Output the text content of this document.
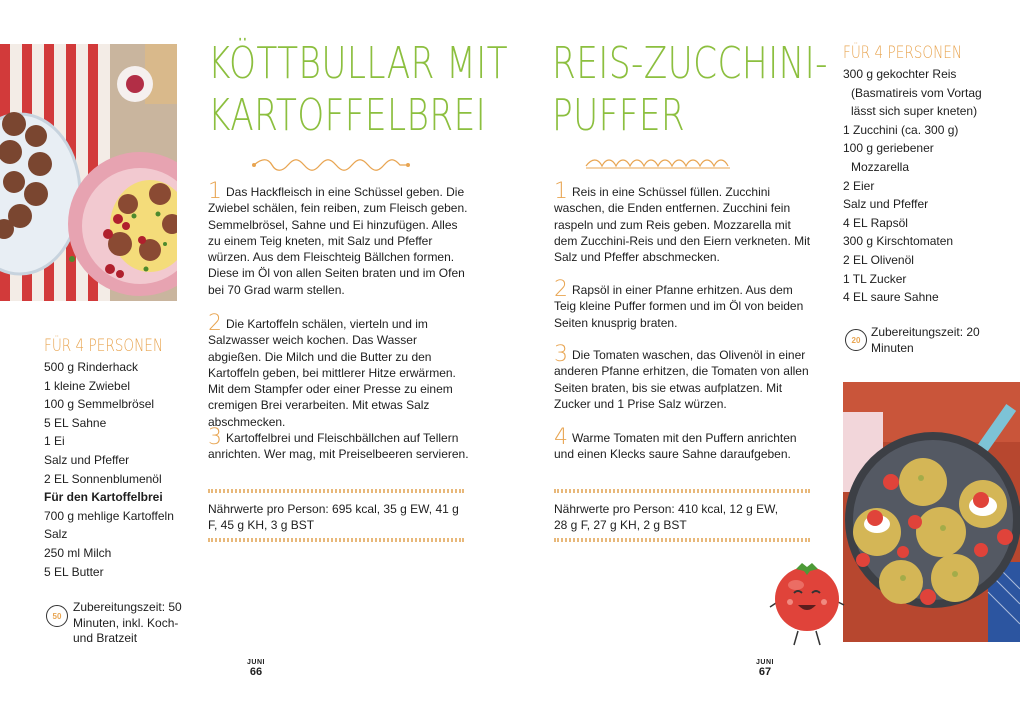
KÖTTBULLAR MIT
KARTOFFELBREI
1 Das Hackfleisch in eine Schüssel geben. Die Zwiebel schälen, fein reiben, zum Fleisch geben. Semmelbrösel, Sahne und Ei hinzufügen. Alles zu einem Teig kneten, mit Salz und Pfeffer würzen. Aus dem Fleischteig Bällchen formen. Diese im Öl von allen Seiten braten und im Ofen bei 70 Grad warm stellen.
2 Die Kartoffeln schälen, vierteln und im Salzwasser weich kochen. Das Wasser abgießen. Die Milch und die Butter zu den Kartoffeln geben, bei mittlerer Hitze erwärmen. Mit dem Stampfer oder einer Presse zu einem cremigen Brei verarbeiten. Mit etwas Salz abschmecken.
3 Kartoffelbrei und Fleischbällchen auf Tellern anrichten. Wer mag, mit Preiselbeeren servieren.
Nährwerte pro Person: 695 kcal, 35 g EW, 41 g F, 45 g KH, 3 g BST
FÜR 4 PERSONEN
500 g Rinderhack
1 kleine Zwiebel
100 g Semmelbrösel
5 EL Sahne
1 Ei
Salz und Pfeffer
2 EL Sonnenblumenöl
Für den Kartoffelbrei
700 g mehlige Kartoffeln
Salz
250 ml Milch
5 EL Butter
50
Zubereitungszeit: 50 Minuten, inkl. Koch- und Bratzeit
JUNI
66
REIS-ZUCCHINI-
PUFFER
1 Reis in eine Schüssel füllen. Zucchini waschen, die Enden entfernen. Zucchini fein raspeln und zum Reis geben. Mozzarella mit dem Zucchini-Reis und den Eiern verkneten. Mit Salz und Pfeffer abschmecken.
2 Rapsöl in einer Pfanne erhitzen. Aus dem Teig kleine Puffer formen und im Öl von beiden Seiten knusprig braten.
3 Die Tomaten waschen, das Olivenöl in einer anderen Pfanne erhitzen, die Tomaten von allen Seiten braten, bis sie etwas aufplatzen. Mit Zucker und 1 Prise Salz würzen.
4 Warme Tomaten mit den Puffern anrichten und einen Klecks saure Sahne daraufgeben.
Nährwerte pro Person: 410 kcal, 12 g EW, 28 g F, 27 g KH, 2 g BST
FÜR 4 PERSONEN
300 g gekochter Reis
(Basmatireis vom Vortag
lässt sich super kneten)
1 Zucchini (ca. 300 g)
100 g geriebener
Mozzarella
2 Eier
Salz und Pfeffer
4 EL Rapsöl
300 g Kirschtomaten
2 EL Olivenöl
1 TL Zucker
4 EL saure Sahne
20
Zubereitungszeit: 20 Minuten
JUNI
67
